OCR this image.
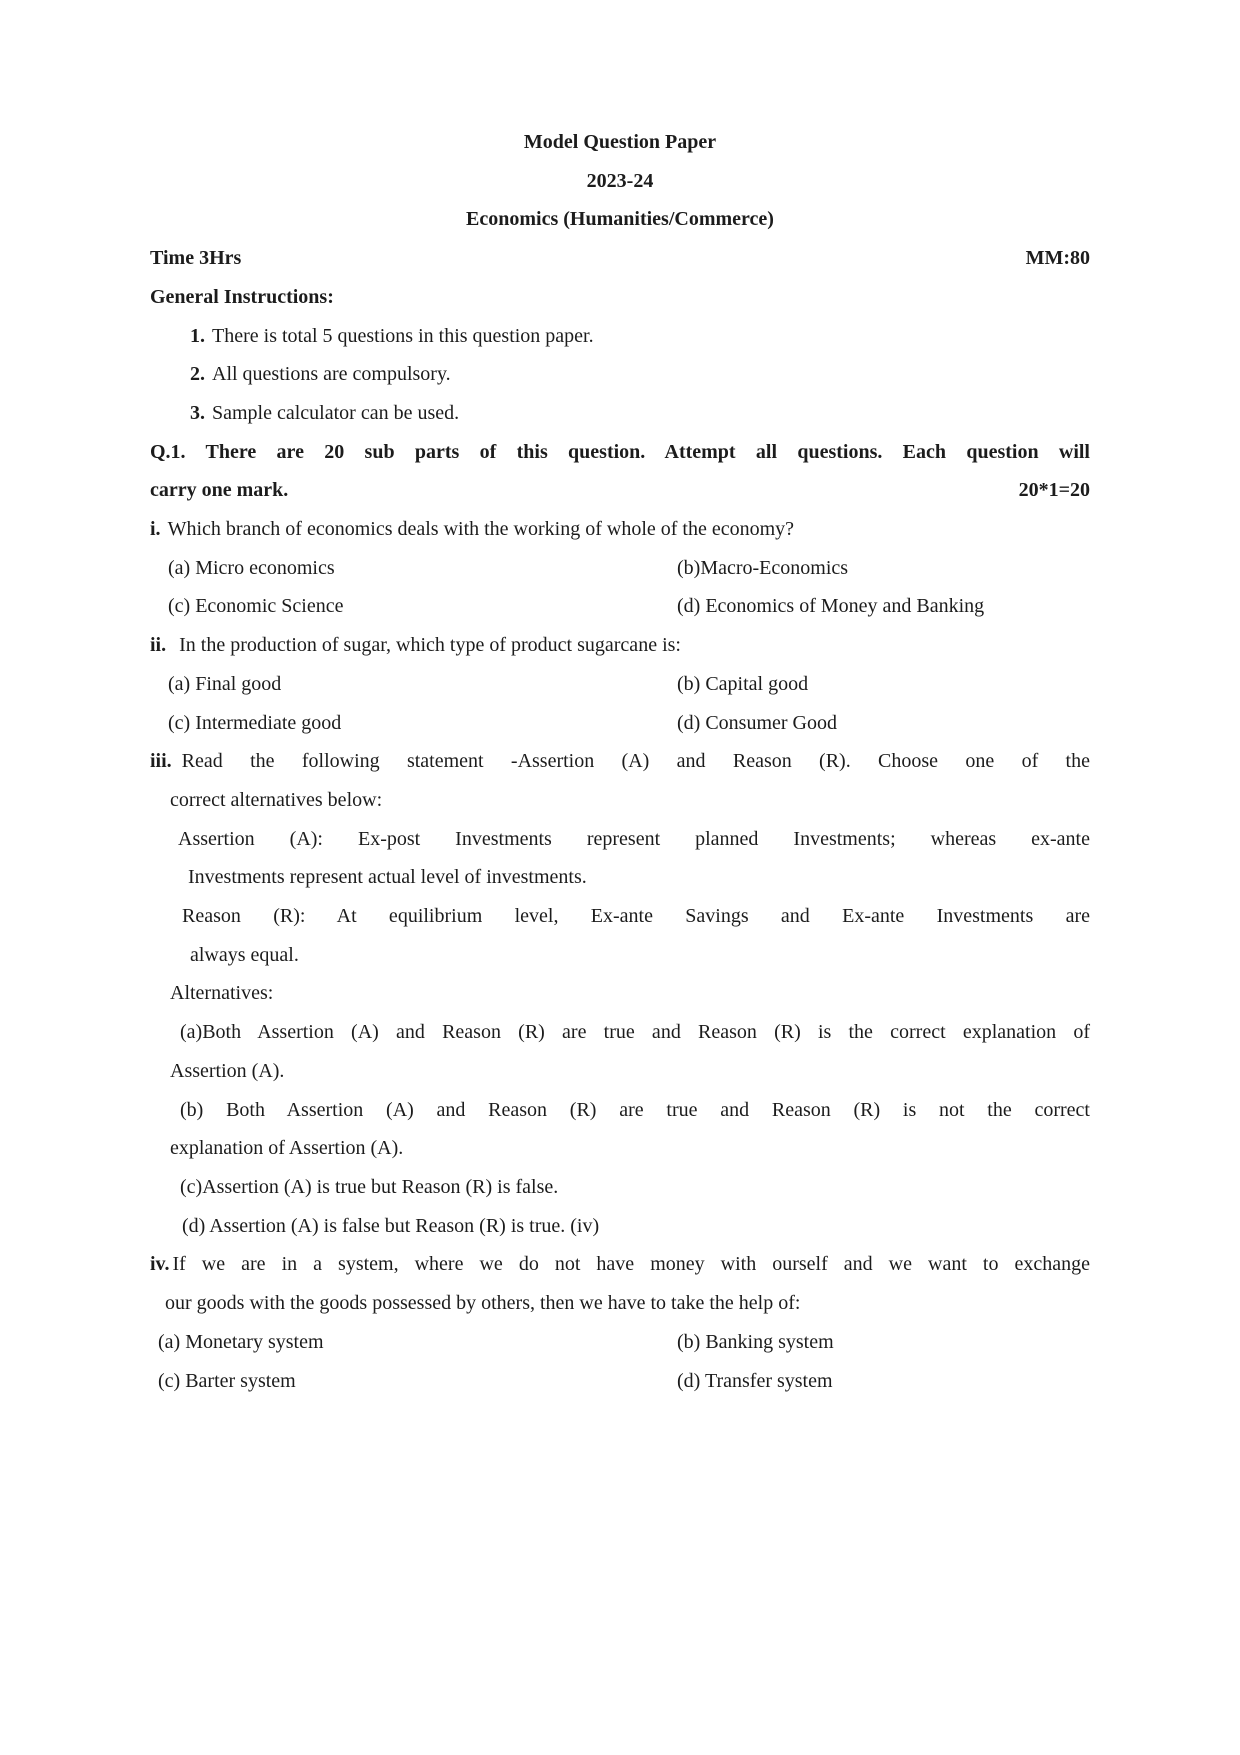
Model Question Paper
2023-24
Economics (Humanities/Commerce)
Time 3Hrs	MM:80
General Instructions:
1. There is total 5 questions in this question paper.
2. All questions are compulsory.
3. Sample calculator can be used.
Q.1. There are 20 sub parts of this question. Attempt all questions. Each question will
carry one mark.	20*1=20
i. Which branch of economics deals with the working of whole of the economy?
(a) Micro economics	(b)Macro-Economics
(c) Economic Science	(d) Economics of Money and Banking
ii. In the production of sugar, which type of product sugarcane is:
(a) Final good	(b) Capital good
(c) Intermediate good	(d) Consumer Good
iii. Read the following statement -Assertion (A) and Reason (R). Choose one of the
correct alternatives below:
Assertion (A): Ex-post Investments represent planned Investments; whereas ex-ante
Investments represent actual level of investments.
Reason (R): At equilibrium level, Ex-ante Savings and Ex-ante Investments are
always equal.
Alternatives:
(a)Both Assertion (A) and Reason (R) are true and Reason (R) is the correct explanation of
Assertion (A).
(b) Both Assertion (A) and Reason (R) are true and Reason (R) is not the correct
explanation of Assertion (A).
(c)Assertion (A) is true but Reason (R) is false.
(d) Assertion (A) is false but Reason (R) is true. (iv)
iv. If we are in a system, where we do not have money with ourself and we want to exchange
our goods with the goods possessed by others, then we have to take the help of:
(a) Monetary system	(b) Banking system
(c) Barter system	(d) Transfer system
